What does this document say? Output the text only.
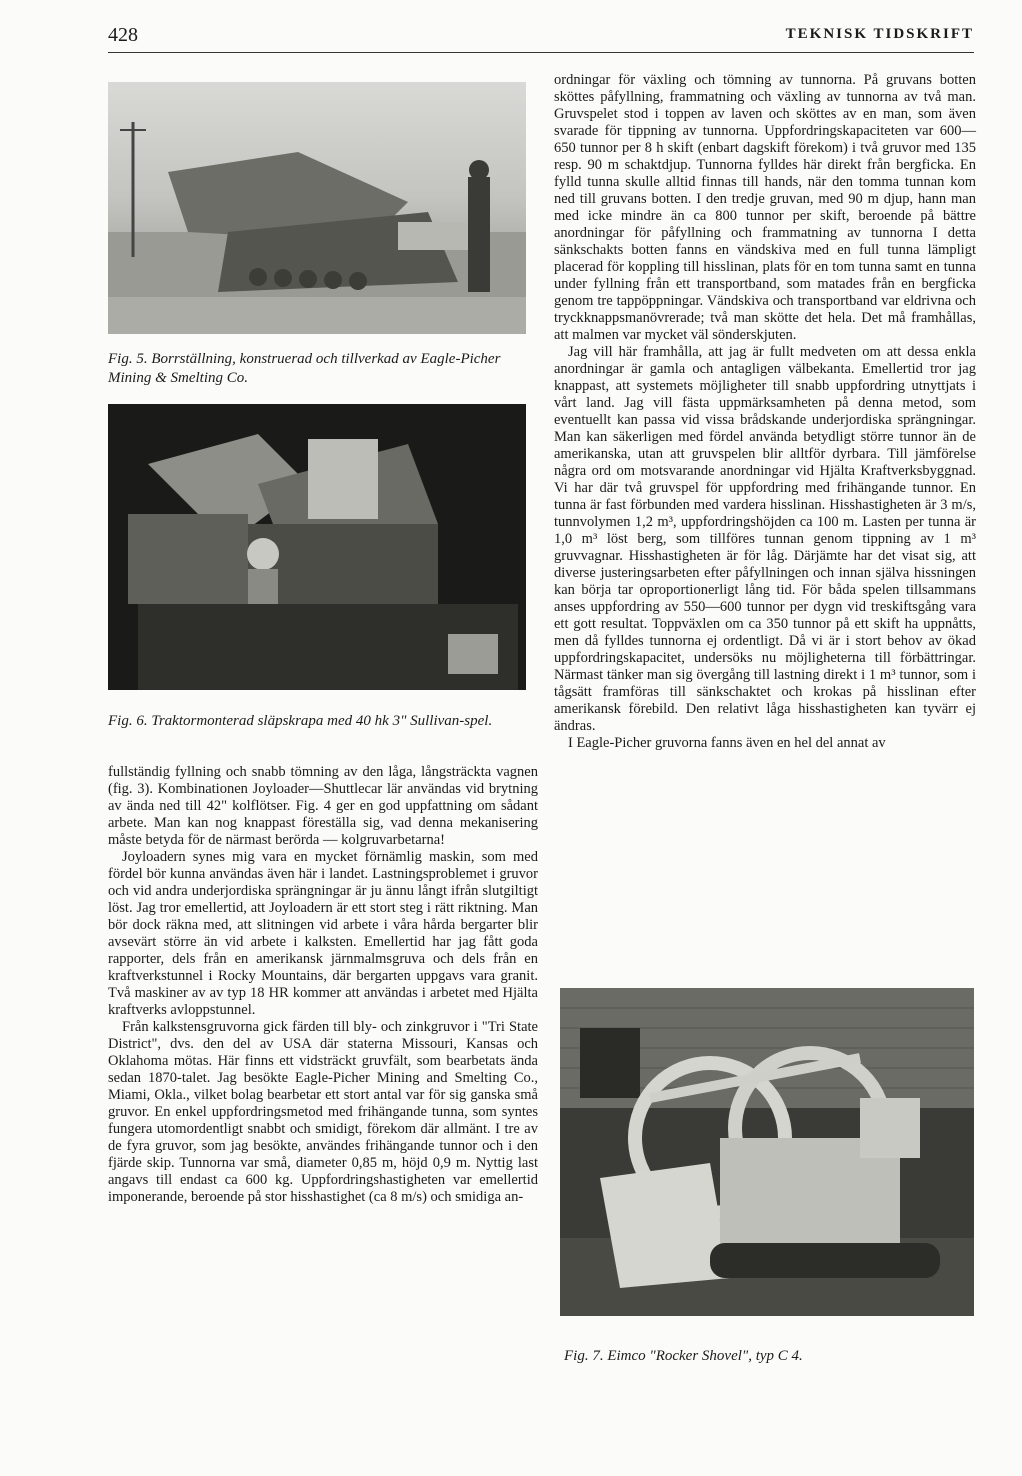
428	TEKNISK TIDSKRIFT
Fig. 5. Borrställning, konstruerad och tillverkad av Eagle-Picher Mining & Smelting Co.
Fig. 6. Traktormonterad släpskrapa med 40 hk 3" Sullivan-spel.

fullständig fyllning och snabb tömning av den låga, långsträckta vagnen (fig. 3). Kombinationen Joyloader—Shuttlecar lär användas vid brytning av ända ned till 42" kolflötser. Fig. 4 ger en god uppfattning om sådant arbete. Man kan nog knappast föreställa sig, vad denna mekanisering måste betyda för de närmast berörda — kolgruvarbetarna!

Joyloadern synes mig vara en mycket förnämlig maskin, som med fördel bör kunna användas även här i landet. Lastningsproblemet i gruvor och vid andra underjordiska sprängningar är ju ännu långt ifrån slutgiltigt löst. Jag tror emellertid, att Joyloadern är ett stort steg i rätt riktning. Man bör dock räkna med, att slitningen vid arbete i våra hårda bergarter blir avsevärt större än vid arbete i kalksten. Emellertid har jag fått goda rapporter, dels från en amerikansk järnmalmsgruva och dels från en kraftverkstunnel i Rocky Mountains, där bergarten uppgavs vara granit. Två maskiner av av typ 18 HR kommer att användas i arbetet med Hjälta kraftverks avloppstunnel.

Från kalkstensgruvorna gick färden till bly- och zinkgruvor i "Tri State District", dvs. den del av USA där staterna Missouri, Kansas och Oklahoma mötas. Här finns ett vidsträckt gruvfält, som bearbetats ända sedan 1870-talet. Jag besökte Eagle-Picher Mining and Smelting Co., Miami, Okla., vilket bolag bearbetar ett stort antal var för sig ganska små gruvor. En enkel uppfordringsmetod med frihängande tunna, som syntes fungera utomordentligt snabbt och smidigt, förekom där allmänt. I tre av de fyra gruvor, som jag besökte, användes frihängande tunnor och i den fjärde skip. Tunnorna var små, diameter 0,85 m, höjd 0,9 m. Nyttig last angavs till endast ca 600 kg. Uppfordringshastigheten var emellertid imponerande, beroende på stor hisshastighet (ca 8 m/s) och smidiga an-

ordningar för växling och tömning av tunnorna. På gruvans botten sköttes påfyllning, frammatning och växling av tunnorna av två man. Gruvspelet stod i toppen av laven och sköttes av en man, som även svarade för tippning av tunnorna. Uppfordringskapaciteten var 600—650 tunnor per 8 h skift (enbart dagskift förekom) i två gruvor med 135 resp. 90 m schaktdjup. Tunnorna fylldes här direkt från bergficka. En fylld tunna skulle alltid finnas till hands, när den tomma tunnan kom ned till gruvans botten. I den tredje gruvan, med 90 m djup, hann man med icke mindre än ca 800 tunnor per skift, beroende på bättre anordningar för påfyllning och frammatning av tunnorna I detta sänkschakts botten fanns en vändskiva med en full tunna lämpligt placerad för koppling till hisslinan, plats för en tom tunna samt en tunna under fyllning från ett transportband, som matades från en bergficka genom tre tappöppningar. Vändskiva och transportband var eldrivna och tryckknappsmanövrerade; två man skötte det hela. Det må framhållas, att malmen var mycket väl sönderskjuten.

Jag vill här framhålla, att jag är fullt medveten om att dessa enkla anordningar är gamla och antagligen välbekanta. Emellertid tror jag knappast, att systemets möjligheter till snabb uppfordring utnyttjats i vårt land. Jag vill fästa uppmärksamheten på denna metod, som eventuellt kan passa vid vissa brådskande underjordiska sprängningar. Man kan säkerligen med fördel använda betydligt större tunnor än de amerikanska, utan att gruvspelen blir alltför dyrbara. Till jämförelse några ord om motsvarande anordningar vid Hjälta Kraftverksbyggnad. Vi har där två gruvspel för uppfordring med frihängande tunnor. En tunna är fast förbunden med vardera hisslinan. Hisshastigheten är 3 m/s, tunnvolymen 1,2 m³, uppfordringshöjden ca 100 m. Lasten per tunna är 1,0 m³ löst berg, som tillföres tunnan genom tippning av 1 m³ gruvvagnar. Hisshastigheten är för låg. Därjämte har det visat sig, att diverse justeringsarbeten efter påfyllningen och innan själva hissningen kan börja tar oproportionerligt lång tid. För båda spelen tillsammans anses uppfordring av 550—600 tunnor per dygn vid treskiftsgång vara ett gott resultat. Toppväxlen om ca 350 tunnor på ett skift ha uppnåtts, men då fylldes tunnorna ej ordentligt. Då vi är i stort behov av ökad uppfordringskapacitet, undersöks nu möjligheterna till förbättringar. Närmast tänker man sig övergång till lastning direkt i 1 m³ tunnor, som i tågsätt framföras till sänkschaktet och krokas på hisslinan efter amerikansk förebild. Den relativt låga hisshastigheten kan tyvärr ej ändras.

I Eagle-Picher gruvorna fanns även en hel del annat av

Fig. 7. Eimco "Rocker Shovel", typ C 4.
